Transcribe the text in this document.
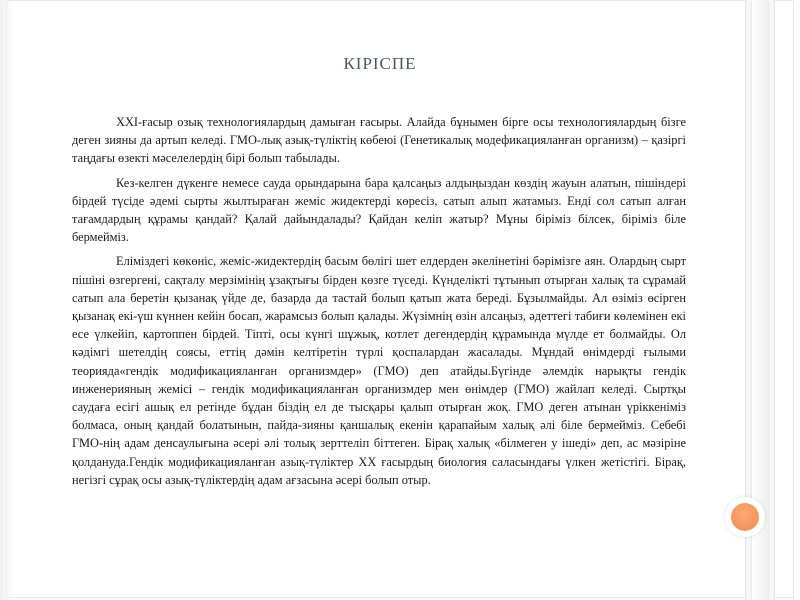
КІРІСПЕ

XXI-ғасыр озық технологиялардың дамыған ғасыры. Алайда бұнымен бірге осы технологиялардың бізге деген зияны да артып келеді. ГМО-лық азық-түліктің көбеюі (Генетикалық модефикацияланған организм) – қазіргі таңдағы өзекті мәселелердің бірі болып табылады.

Кез-келген дүкенге немесе сауда орындарына бара қалсаңыз алдыңыздан көздің жауын алатын, пішіндері бірдей түсіде әдемі сырты жылтыраған жеміс жидектерді көресіз, сатып алып жатамыз. Енді сол сатып алған тағамдардың құрамы қандай? Қалай дайындалады? Қайдан келіп жатыр? Мұны біріміз білсек, біріміз біле бермейміз.

Еліміздегі көкөніс, жеміс-жидектердің басым бөлігі шет елдерден әкелінетіні бәрімізге аян. Олардың сырт пішіні өзгергені, сақталу мерзімінің ұзақтығы бірден көзге түседі. Күнделікті тұтынып отырған халық та сұрамай сатып ала беретін қызанақ үйде де, базарда да тастай болып қатып жата береді. Бұзылмайды. Ал өзіміз өсірген қызанақ екі-үш күннен кейін босап, жарамсыз болып қалады. Жүзімнің өзін алсаңыз, әдеттегі табиғи көлемінен екі есе үлкейіп, картоппен бірдей. Тіпті, осы күнгі шұжық, котлет дегендердің құрамында мүлде ет болмайды. Ол кәдімгі шетелдің соясы, еттің дәмін келтіретін түрлі қоспалардан жасалады. Мұндай өнімдерді ғылыми теорияда«гендік модификацияланған организмдер» (ГМО) деп атайды.Бүгінде әлемдік нарықты гендік инженерияның жемісі – гендік модификацияланған организмдер мен өнімдер (ГМО) жайлап келеді. Сыртқы саудаға есігі ашық ел ретінде бұдан біздің ел де тысқары қалып отырған жоқ. ГМО деген атынан үріккеніміз болмаса, оның қандай болатынын, пайда-зияны қаншалық екенін қарапайым халық әлі біле бермейміз. Себебі ГМО-нің адам денсаулығына әсері әлі толық зерттеліп біттеген. Бірақ халық «білмеген у ішеді» деп, ас мәзіріне қолдануда.Гендік модификацияланған азық-түліктер XX ғасырдың биология саласындағы үлкен жетістігі. Бірақ, негізгі сұрақ осы азық-түліктердің адам ағзасына әсері болып отыр.
